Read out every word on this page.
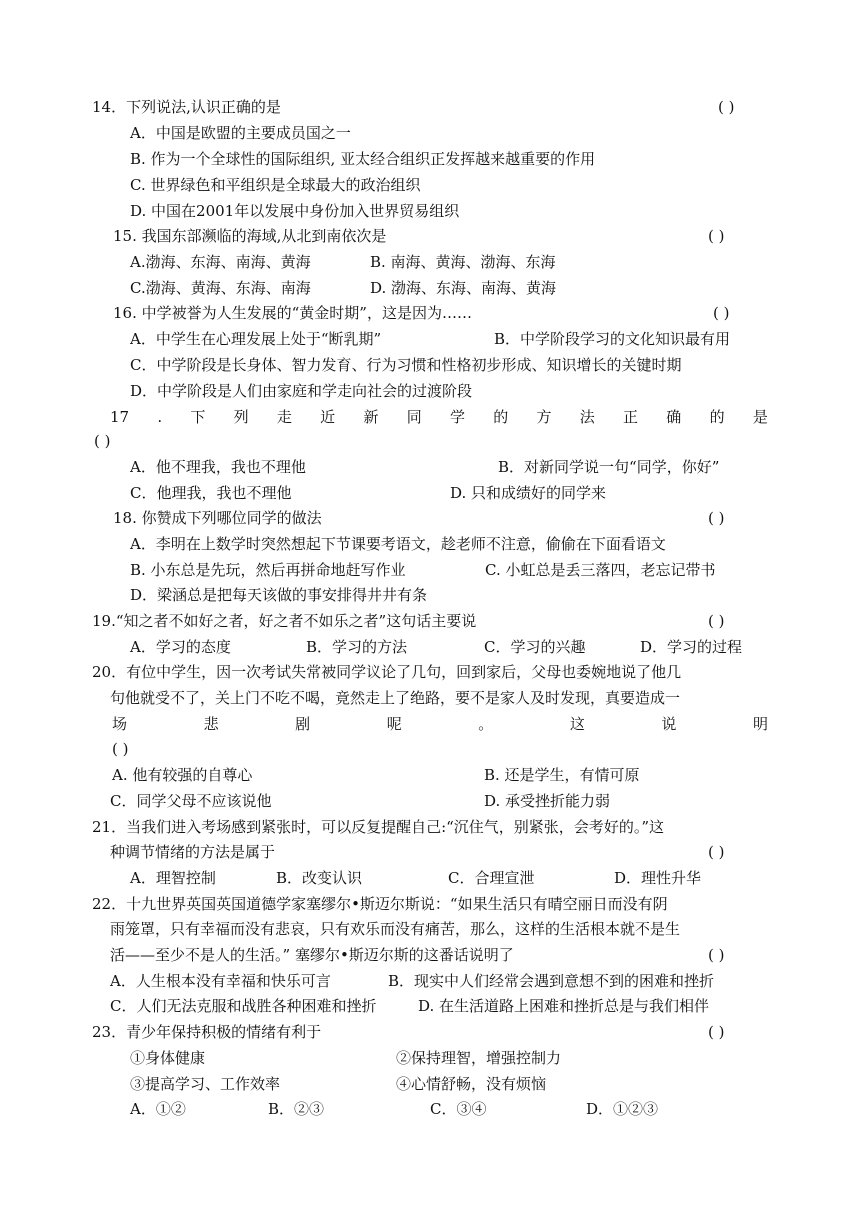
14．下列说法,认识正确的是	( )
A．中国是欧盟的主要成员国之一
B. 作为一个全球性的国际组织, 亚太经合组织正发挥越来越重要的作用
C. 世界绿色和平组织是全球最大的政治组织
D. 中国在2001年以发展中身份加入世界贸易组织
15. 我国东部濒临的海域,从北到南依次是	( )
A.渤海、东海、南海、黄海	B. 南海、黄海、渤海、东海
C.渤海、黄海、东海、南海	D. 渤海、东海、南海、黄海
16. 中学被誉为人生发展的“黄金时期”，这是因为……	( )
A．中学生在心理发展上处于“断乳期”	B．中学阶段学习的文化知识最有用
C．中学阶段是长身体、智力发育、行为习惯和性格初步形成、知识增长的关键时期
D．中学阶段是人们由家庭和学走向社会的过渡阶段
17 . 下 列 走 近 新 同 学 的 方 法 正 确 的 是
( )
A．他不理我，我也不理他	B．对新同学说一句“同学，你好”
C．他理我，我也不理他	D. 只和成绩好的同学来
18. 你赞成下列哪位同学的做法	( )
A．李明在上数学时突然想起下节课要考语文，趁老师不注意，偷偷在下面看语文
B. 小东总是先玩，然后再拼命地赶写作业	C. 小虹总是丢三落四，老忘记带书
D．梁涵总是把每天该做的事安排得井井有条
19.“知之者不如好之者，好之者不如乐之者”这句话主要说	( )
A．学习的态度	B．学习的方法	C．学习的兴趣	D．学习的过程
20．有位中学生，因一次考试失常被同学议论了几句，回到家后，父母也委婉地说了他几
句他就受不了，关上门不吃不喝，竟然走上了绝路，要不是家人及时发现，真要造成一
场	悲	剧	呢	。	这	说	明
( )
A. 他有较强的自尊心	B. 还是学生，有情可原
C．同学父母不应该说他	D. 承受挫折能力弱
21．当我们进入考场感到紧张时，可以反复提醒自己:“沉住气，别紧张，会考好的。”这
种调节情绪的方法是属于	( )
A．理智控制	B．改变认识	C．合理宣泄	D．理性升华
22．十九世界英国英国道德学家塞缪尔•斯迈尔斯说：“如果生活只有晴空丽日而没有阴
雨笼罩，只有幸福而没有悲哀，只有欢乐而没有痛苦，那么，这样的生活根本就不是生
活——至少不是人的生活。” 塞缪尔•斯迈尔斯的这番话说明了	( )
A．人生根本没有幸福和快乐可言	B．现实中人们经常会遇到意想不到的困难和挫折
C．人们无法克服和战胜各种困难和挫折	D. 在生活道路上困难和挫折总是与我们相伴
23．青少年保持积极的情绪有利于	( )
①身体健康	②保持理智，增强控制力
③提高学习、工作效率	④心情舒畅，没有烦恼
A．①②	B．②③	C．③④	D．①②③
